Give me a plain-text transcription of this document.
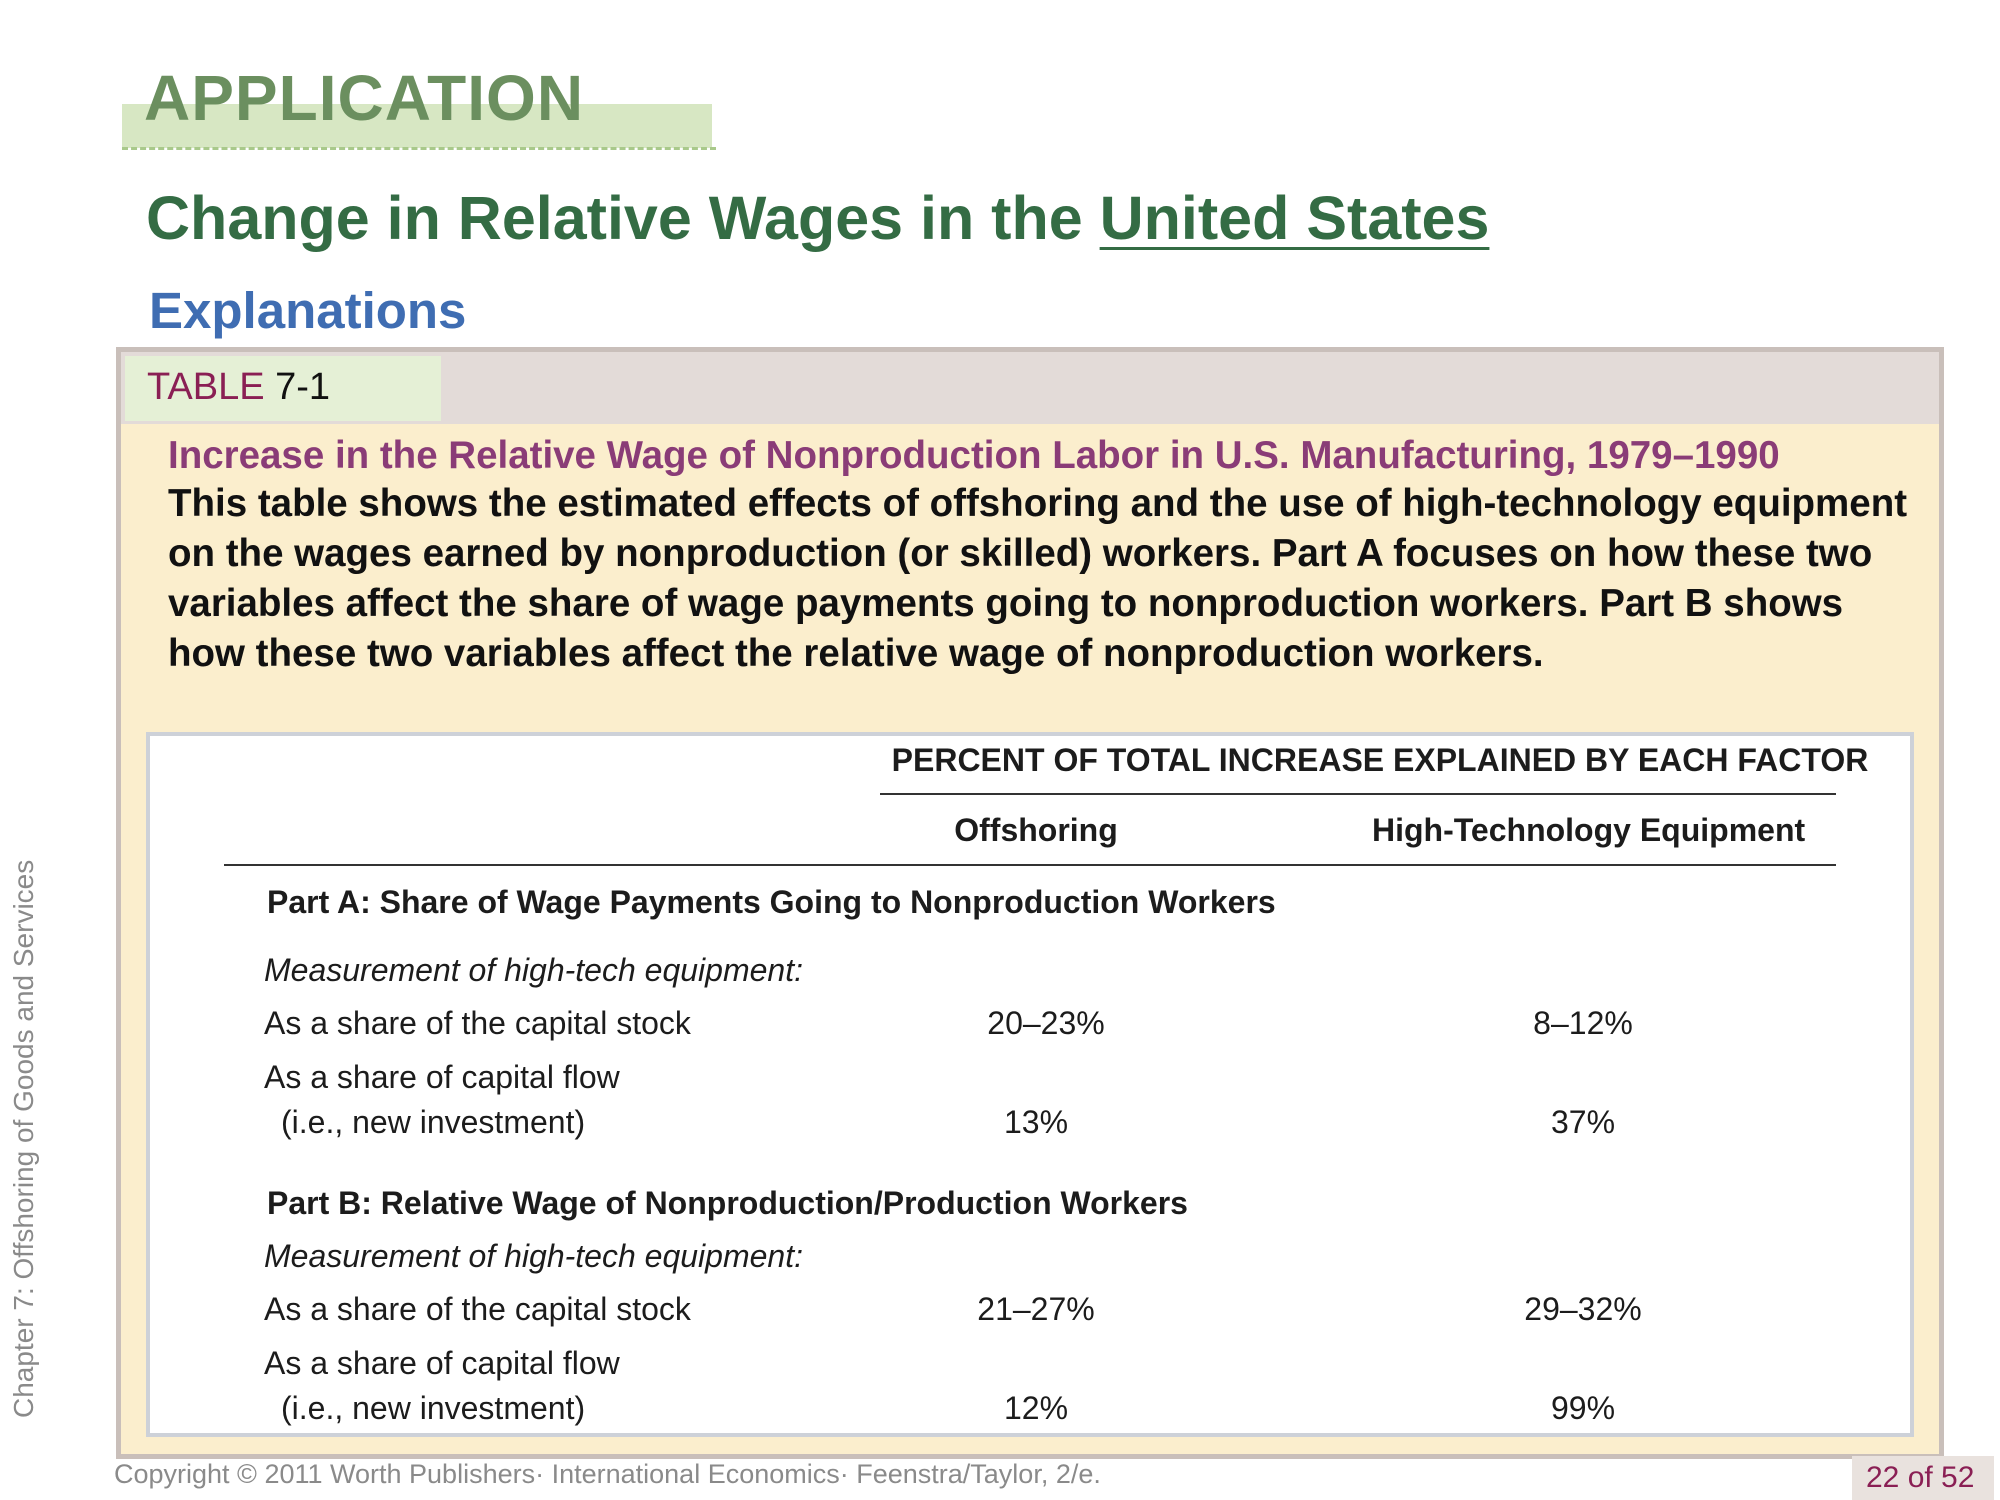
APPLICATION
Change in Relative Wages in the United States
Explanations
TABLE 7-1
Increase in the Relative Wage of Nonproduction Labor in U.S. Manufacturing, 1979–1990
This table shows the estimated effects of offshoring and the use of high-technology equipment on the wages earned by nonproduction (or skilled) workers. Part A focuses on how these two variables affect the share of wage payments going to nonproduction workers. Part B shows how these two variables affect the relative wage of nonproduction workers.
PERCENT OF TOTAL INCREASE EXPLAINED BY EACH FACTOR
Offshoring	High-Technology Equipment
Part A: Share of Wage Payments Going to Nonproduction Workers
Measurement of high-tech equipment:
As a share of the capital stock	20–23%	8–12%
As a share of capital flow
(i.e., new investment)	13%	37%
Part B: Relative Wage of Nonproduction/Production Workers
Measurement of high-tech equipment:
As a share of the capital stock	21–27%	29–32%
As a share of capital flow
(i.e., new investment)	12%	99%
Chapter 7: Offshoring of Goods and Services
Copyright © 2011 Worth Publishers· International Economics· Feenstra/Taylor, 2/e.	22 of 52
